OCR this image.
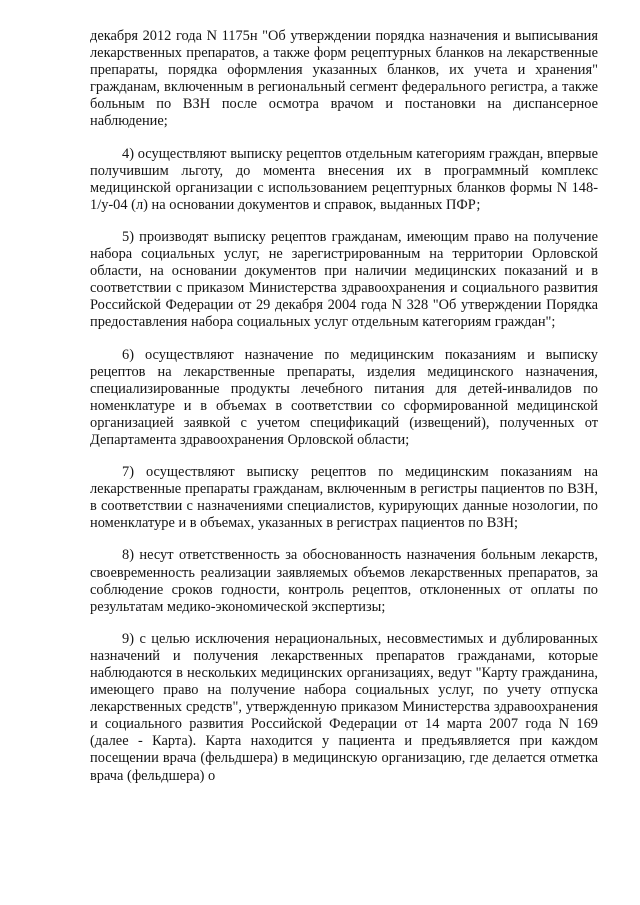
декабря 2012 года N 1175н "Об утверждении порядка назначения и выписывания лекарственных препаратов, а также форм рецептурных бланков на лекарственные препараты, порядка оформления указанных бланков, их учета и хранения" гражданам, включенным в региональный сегмент федерального регистра, а также больным по ВЗН после осмотра врачом и постановки на диспансерное наблюдение;

4) осуществляют выписку рецептов отдельным категориям граждан, впервые получившим льготу, до момента внесения их в программный комплекс медицинской организации с использованием рецептурных бланков формы N 148-1/у-04 (л) на основании документов и справок, выданных ПФР;

5) производят выписку рецептов гражданам, имеющим право на получение набора социальных услуг, не зарегистрированным на территории Орловской области, на основании документов при наличии медицинских показаний и в соответствии с приказом Министерства здравоохранения и социального развития Российской Федерации от 29 декабря 2004 года N 328 "Об утверждении Порядка предоставления набора социальных услуг отдельным категориям граждан";

6) осуществляют назначение по медицинским показаниям и выписку рецептов на лекарственные препараты, изделия медицинского назначения, специализированные продукты лечебного питания для детей-инвалидов по номенклатуре и в объемах в соответствии со сформированной медицинской организацией заявкой с учетом спецификаций (извещений), полученных от Департамента здравоохранения Орловской области;

7) осуществляют выписку рецептов по медицинским показаниям на лекарственные препараты гражданам, включенным в регистры пациентов по ВЗН, в соответствии с назначениями специалистов, курирующих данные нозологии, по номенклатуре и в объемах, указанных в регистрах пациентов по ВЗН;

8) несут ответственность за обоснованность назначения больным лекарств, своевременность реализации заявляемых объемов лекарственных препаратов, за соблюдение сроков годности, контроль рецептов, отклоненных от оплаты по результатам медико-экономической экспертизы;

9) с целью исключения нерациональных, несовместимых и дублированных назначений и получения лекарственных препаратов гражданами, которые наблюдаются в нескольких медицинских организациях, ведут "Карту гражданина, имеющего право на получение набора социальных услуг, по учету отпуска лекарственных средств", утвержденную приказом Министерства здравоохранения и социального развития Российской Федерации от 14 марта 2007 года N 169 (далее - Карта). Карта находится у пациента и предъявляется при каждом посещении врача (фельдшера) в медицинскую организацию, где делается отметка врача (фельдшера) о
